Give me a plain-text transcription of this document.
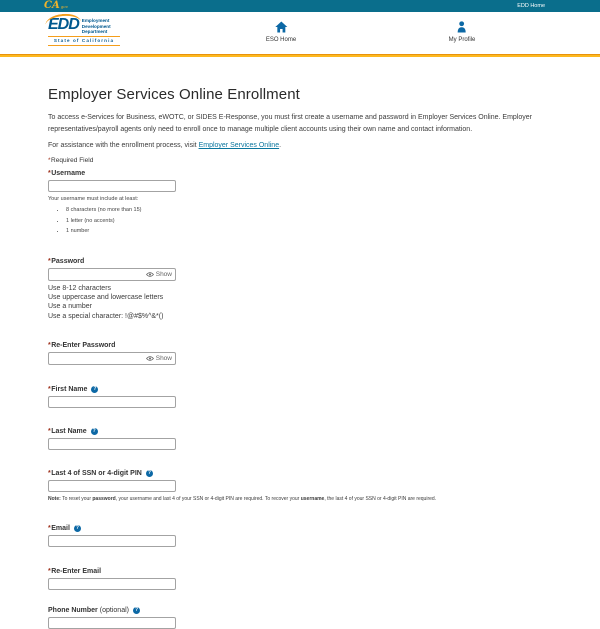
CA gov	EDD Home
EDD Employment
Development
Department
State of California	ESO Home	My Profile
Employer Services Online Enrollment

To access e-Services for Business, eWOTC, or SIDES E-Response, you must first create a username and password in Employer Services Online. Employer representatives/payroll agents only need to enroll once to manage multiple client accounts using their own name and contact information.

For assistance with the enrollment process, visit Employer Services Online.

*Required Field

* Username
Your username must include at least:
• 8 characters (no more than 15)
• 1 letter (no accents)
• 1 number
* Password
Show
Use 8-12 characters
Use uppercase and lowercase letters
Use a number
Use a special character: !@#$%^&*()
* Re-Enter Password
Show
* First Name	?
* Last Name	?
* Last 4 of SSN or 4-digit PIN	?
Note: To reset your password, your username and last 4 of your SSN or 4-digit PIN are required. To recover your username, the last 4 of your SSN or 4-digit PIN are required.
* Email	?
* Re-Enter Email
Phone Number (optional)	?
